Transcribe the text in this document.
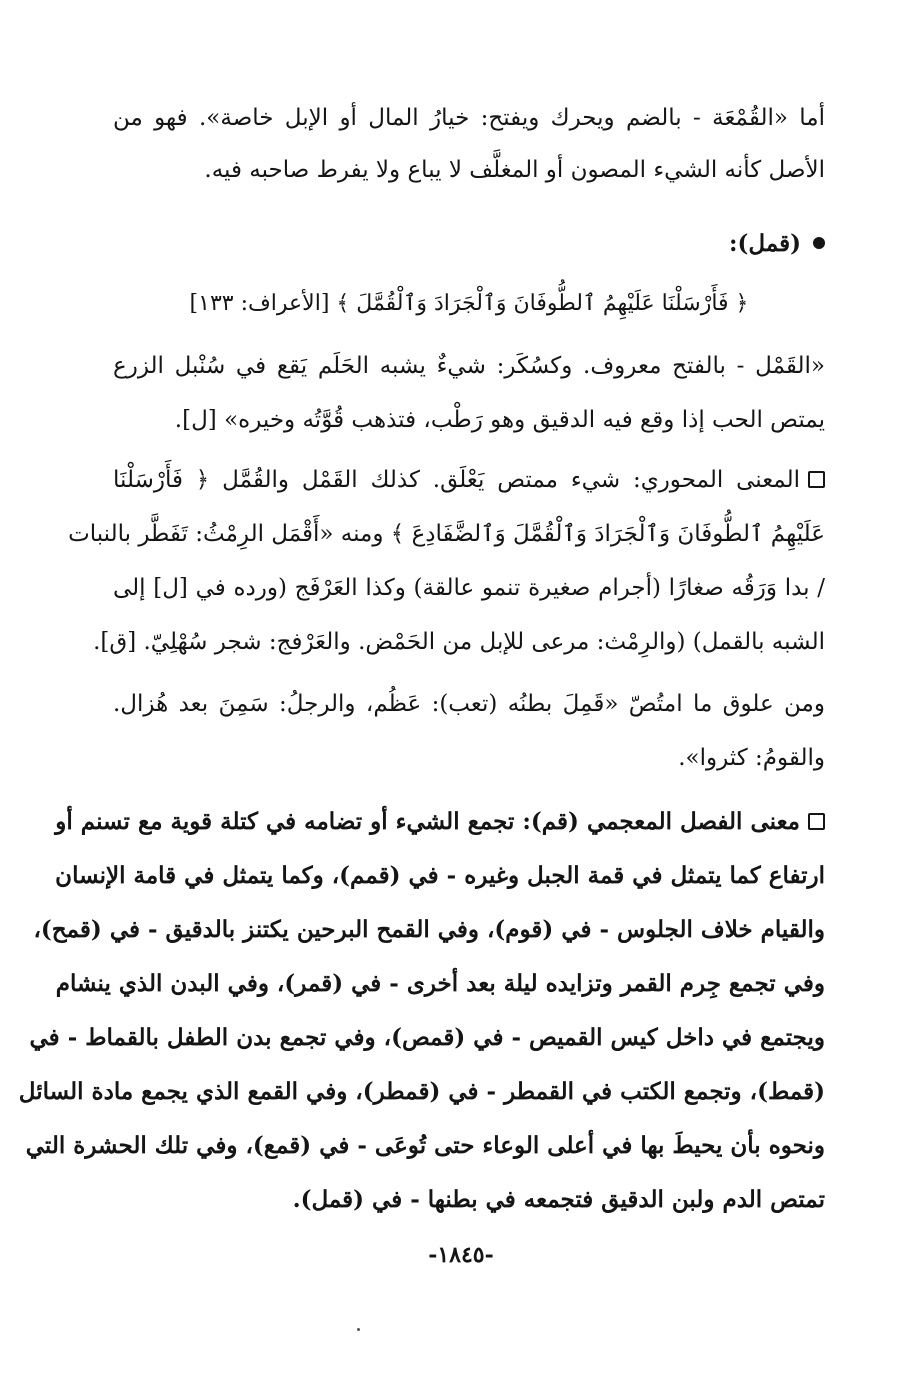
أما «القُمْعَة - بالضم ويحرك ويفتح: خيارُ المال أو الإبل خاصة». فهو من
الأصل كأنه الشيء المصون أو المغلَّف لا يباع ولا يفرط صاحبه فيه.
(قمل):
﴿ فَأَرْسَلْنَا عَلَيْهِمُ ٱلطُّوفَانَ وَٱلْجَرَادَ وَٱلْقُمَّلَ ﴾ [الأعراف: ١٣٣]
«القَمْل - بالفتح معروف. وكسُكَر: شيءٌ يشبه الحَلَم يَقع في سُنْبل الزرع
يمتص الحب إذا وقع فيه الدقيق وهو رَطْب، فتذهب قُوَّتُه وخيره» [ل].
المعنى المحوري: شيء ممتص يَعْلَق. كذلك القَمْل والقُمَّل ﴿ فَأَرْسَلْنَا
عَلَيْهِمُ ٱلطُّوفَانَ وَٱلْجَرَادَ وَٱلْقُمَّلَ وَٱلضَّفَادِعَ ﴾ ومنه «أَقْمَل الرِمْثُ: تَفَطَّر بالنبات
/ بدا وَرَقُه صغارًا (أجرام صغيرة تنمو عالقة) وكذا العَرْفَج (ورده في [ل] إلى
الشبه بالقمل) (والرِمْث: مرعى للإبل من الحَمْض. والعَرْفج: شجر سُهْلِيّ. [ق].
ومن علوق ما امتُصّ «قَمِلَ بطنُه (تعب): عَظُم، والرجلُ: سَمِنَ بعد هُزال.
والقومُ: كثروا».
معنى الفصل المعجمي (قم): تجمع الشيء أو تضامه في كتلة قوية مع تسنم أو
ارتفاع كما يتمثل في قمة الجبل وغيره - في (قمم)، وكما يتمثل في قامة الإنسان
والقيام خلاف الجلوس - في (قوم)، وفي القمح البرحين يكتنز بالدقيق - في (قمح)،
وفي تجمع جِرم القمر وتزايده ليلة بعد أخرى - في (قمر)، وفي البدن الذي ينشام
ويجتمع في داخل كيس القميص - في (قمص)، وفي تجمع بدن الطفل بالقماط - في
(قمط)، وتجمع الكتب في القمطر - في (قمطر)، وفي القمع الذي يجمع مادة السائل
ونحوه بأن يحيطَ بها في أعلى الوعاء حتى تُوعَى - في (قمع)، وفي تلك الحشرة التي
تمتص الدم ولبن الدقيق فتجمعه في بطنها - في (قمل).
-١٨٤٥-
